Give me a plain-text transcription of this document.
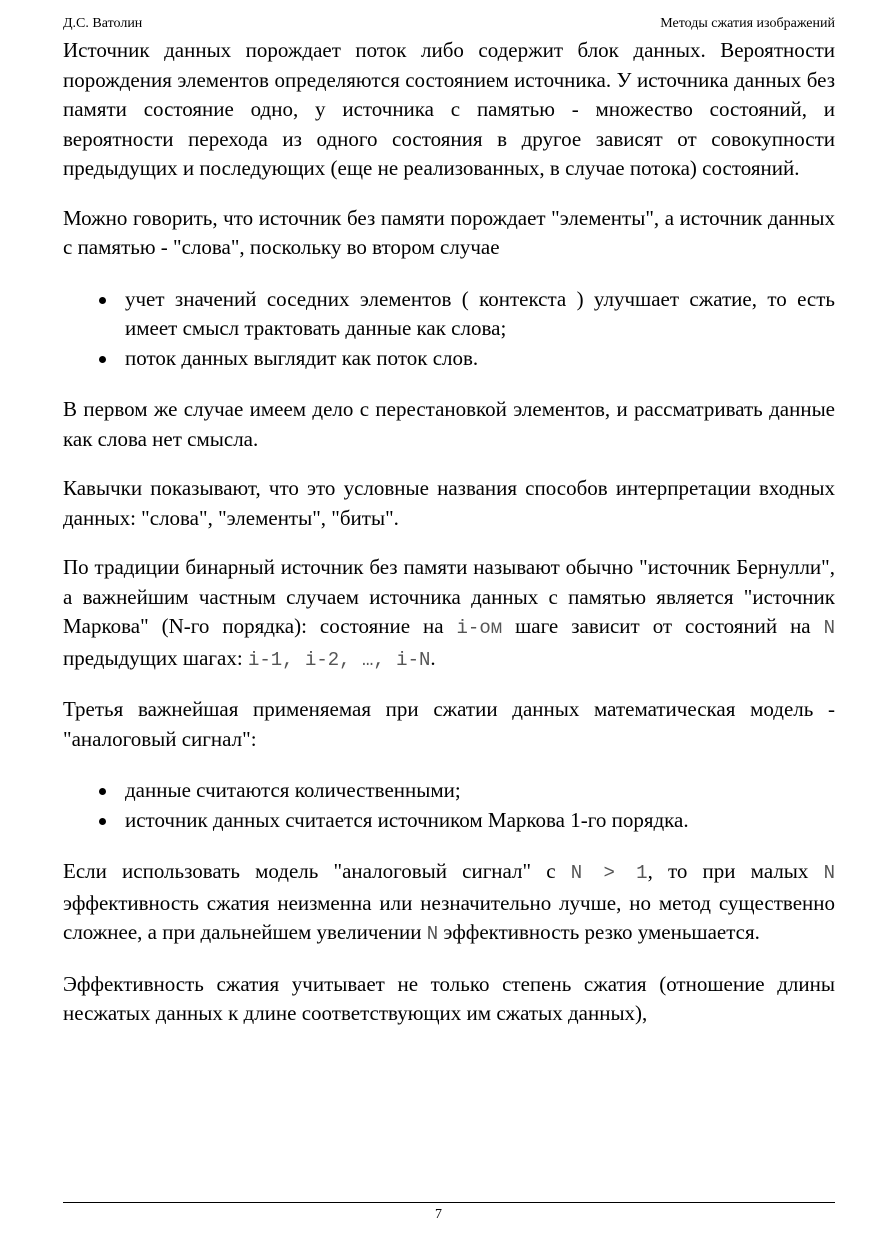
Д.С. Ватолин	Методы сжатия изображений

Источник данных порождает поток либо содержит блок данных. Вероятности порождения элементов определяются состоянием источника. У источника данных без памяти состояние одно, у источника с памятью - множество состояний, и вероятности перехода из одного состояния в другое зависят от совокупности предыдущих и последующих (еще не реализованных, в случае потока) состояний.

Можно говорить, что источник без памяти порождает "элементы", а источник данных с памятью - "слова", поскольку во втором случае

учет значений соседних элементов ( контекста ) улучшает сжатие, то есть имеет смысл трактовать данные как слова;
поток данных выглядит как поток слов.

В первом же случае имеем дело с перестановкой элементов, и рассматривать данные как слова нет смысла.

Кавычки показывают, что это условные названия способов интерпретации входных данных: "слова", "элементы", "биты".

По традиции бинарный источник без памяти называют обычно "источник Бернулли", а важнейшим частным случаем источника данных с памятью является "источник Маркова" (N-го порядка): состояние на i-ом шаге зависит от состояний на N предыдущих шагах: i-1, i-2, …, i-N.

Третья важнейшая применяемая при сжатии данных математическая модель - "аналоговый сигнал":

данные считаются количественными;
источник данных считается источником Маркова 1-го порядка.

Если использовать модель "аналоговый сигнал" с N > 1, то при малых N эффективность сжатия неизменна или незначительно лучше, но метод существенно сложнее, а при дальнейшем увеличении N эффективность резко уменьшается.

Эффективность сжатия учитывает не только степень сжатия (отношение длины несжатых данных к длине соответствующих им сжатых данных),

7
